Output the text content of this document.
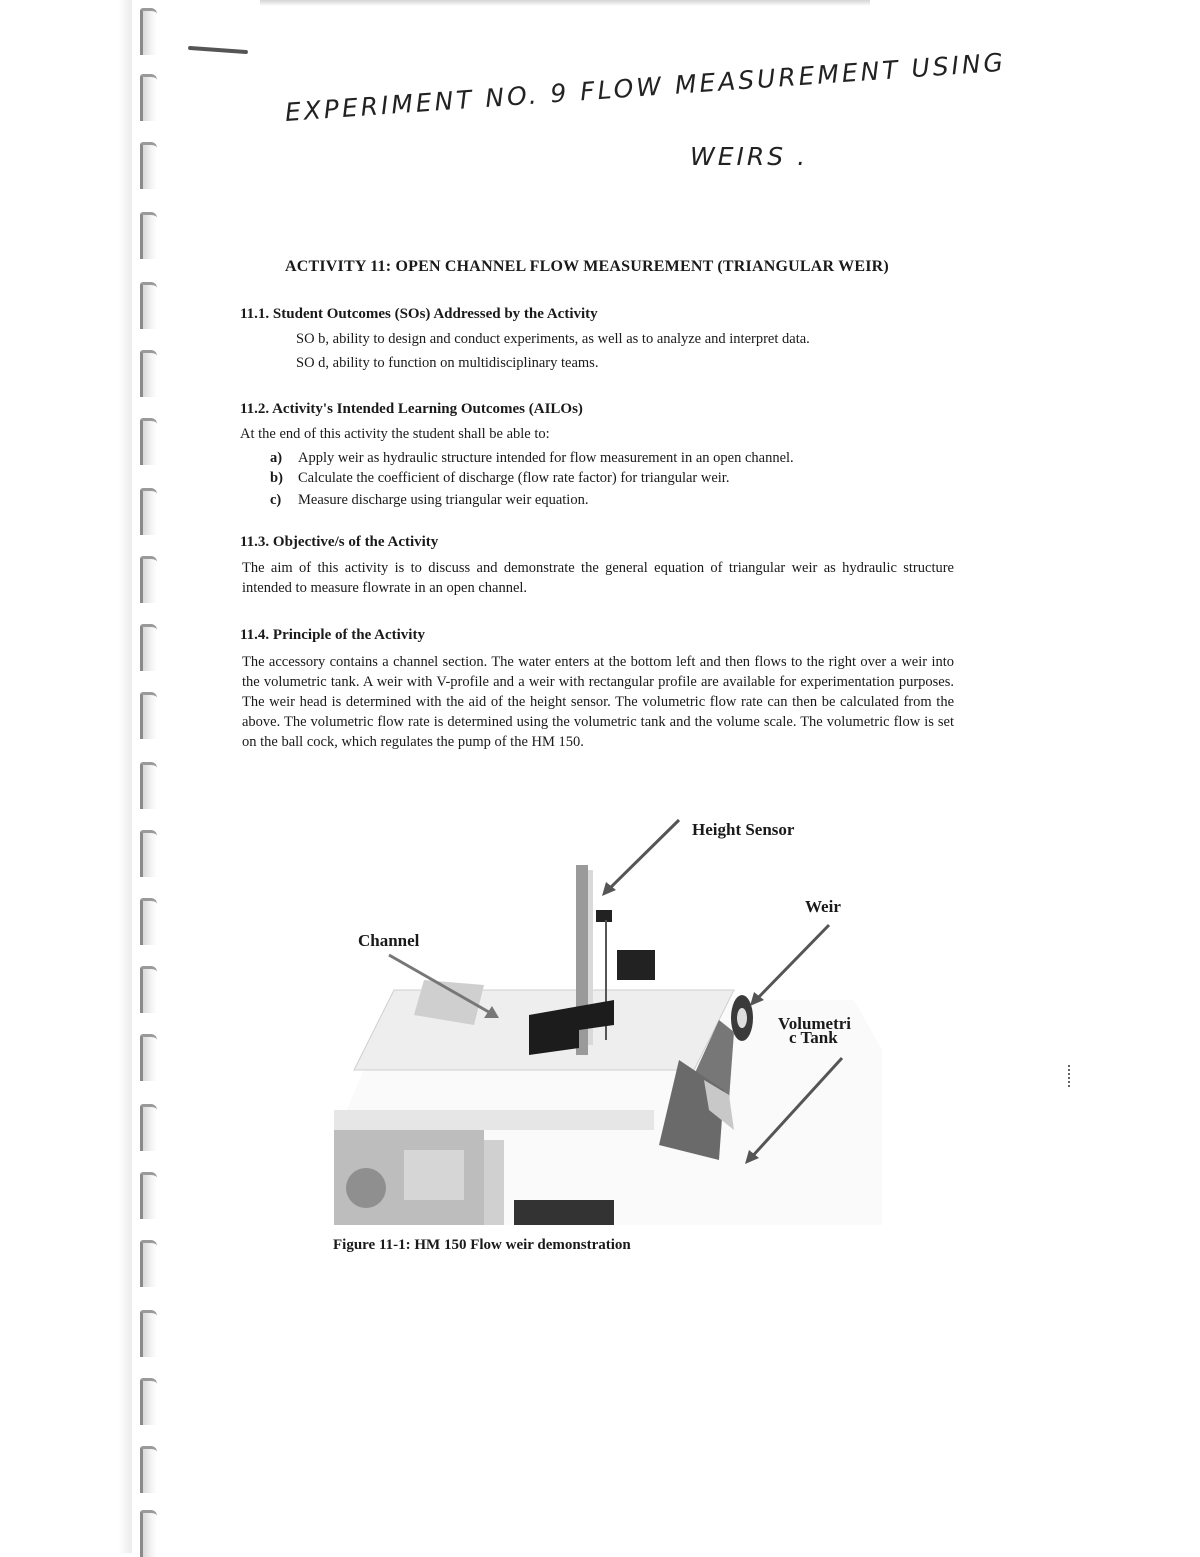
EXPERIMENT NO. 9 FLOW MEASUREMENT USING
WEIRS .
ACTIVITY 11: OPEN CHANNEL FLOW MEASUREMENT (TRIANGULAR WEIR)
11.1. Student Outcomes (SOs) Addressed by the Activity
SO b, ability to design and conduct experiments, as well as to analyze and interpret data.
SO d, ability to function on multidisciplinary teams.
11.2. Activity's Intended Learning Outcomes (AILOs)
At the end of this activity the student shall be able to:
a) Apply weir as hydraulic structure intended for flow measurement in an open channel.
b) Calculate the coefficient of discharge (flow rate factor) for triangular weir.
c) Measure discharge using triangular weir equation.
11.3. Objective/s of the Activity
The aim of this activity is to discuss and demonstrate the general equation of triangular weir as hydraulic structure intended to measure flowrate in an open channel.
11.4. Principle of the Activity
The accessory contains a channel section. The water enters at the bottom left and then flows to the right over a weir into the volumetric tank. A weir with V-profile and a weir with rectangular profile are available for experimentation purposes. The weir head is determined with the aid of the height sensor. The volumetric flow rate can then be calculated from the above. The volumetric flow rate is determined using the volumetric tank and the volume scale. The volumetric flow is set on the ball cock, which regulates the pump of the HM 150.
Height Sensor
Weir
Channel
Volumetri
c Tank
Figure 11-1: HM 150 Flow weir demonstration
